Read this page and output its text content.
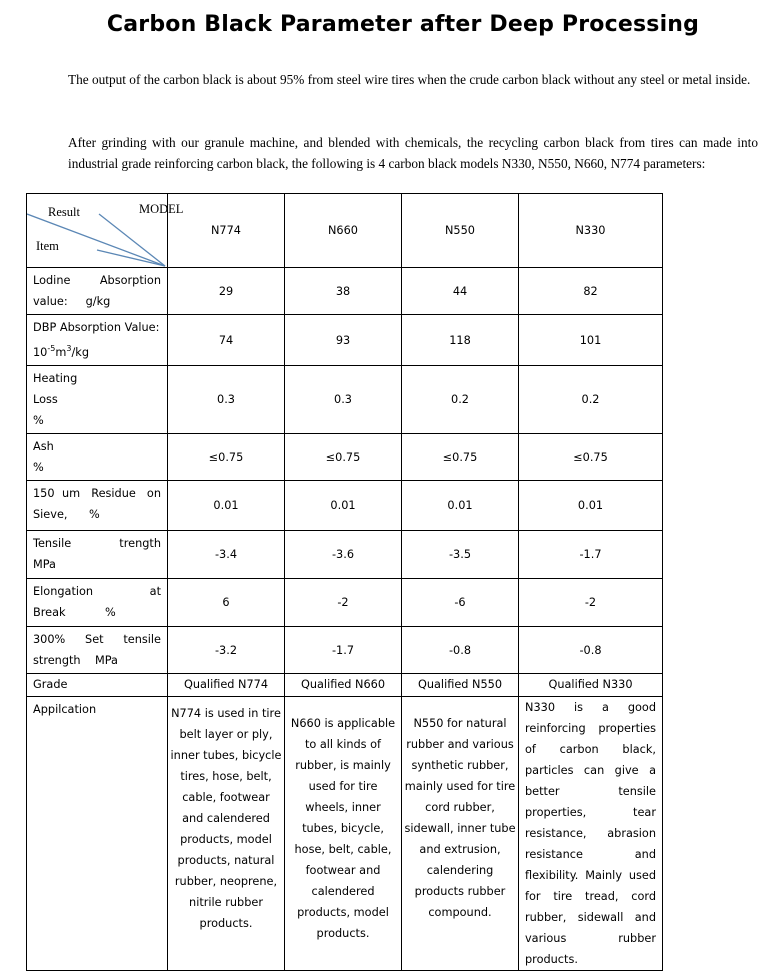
Carbon Black Parameter after Deep Processing
The output of the carbon black is about 95% from steel wire tires when the crude carbon black without any steel or metal inside.
After grinding with our granule machine, and blended with chemicals, the recycling carbon black from tires can made into industrial grade reinforcing carbon black, the following is 4 carbon black models N330, N550, N660, N774 parameters:
Result MODEL
Item	N774	N660	N550	N330

Lodine     Absorption
value:     g/kg	29	38	44	82
DBP Absorption Value:
$10^{-5}m^3/kg$	74	93	118	101
Heating
Loss
%	0.3	0.3	0.2	0.2
Ash
%	≤0.75	≤0.75	≤0.75	≤0.75

150  um   Residue   on
Sieve,      %	0.01	0.01	0.01	0.01

Tensile      trength
MPa	-3.4	-3.6	-3.5	-1.7

Elongation     at
Break           %	6	-2	-6	-2

300%    Set    tensile
strength    MPa	-3.2	-1.7	-0.8	-0.8
Grade	Qualified N774	Qualified N660	Qualified N550	Qualified N330
Appilcation	N774 is used in tire belt layer or ply, inner tubes, bicycle tires, hose, belt, cable, footwear and calendered products, model products, natural rubber, neoprene, nitrile rubber products.	N660 is applicable to all kinds of rubber, is mainly used for tire wheels, inner tubes, bicycle, hose, belt, cable, footwear and calendered products, model products.	N550 for natural rubber and various synthetic rubber, mainly used for tire cord rubber, sidewall, inner tube and extrusion, calendering products rubber compound.	N330 is a good reinforcing properties of carbon black, particles can give a better tensile properties, tear resistance, abrasion resistance and flexibility. Mainly used for tire tread, cord rubber, sidewall and various rubber products.
